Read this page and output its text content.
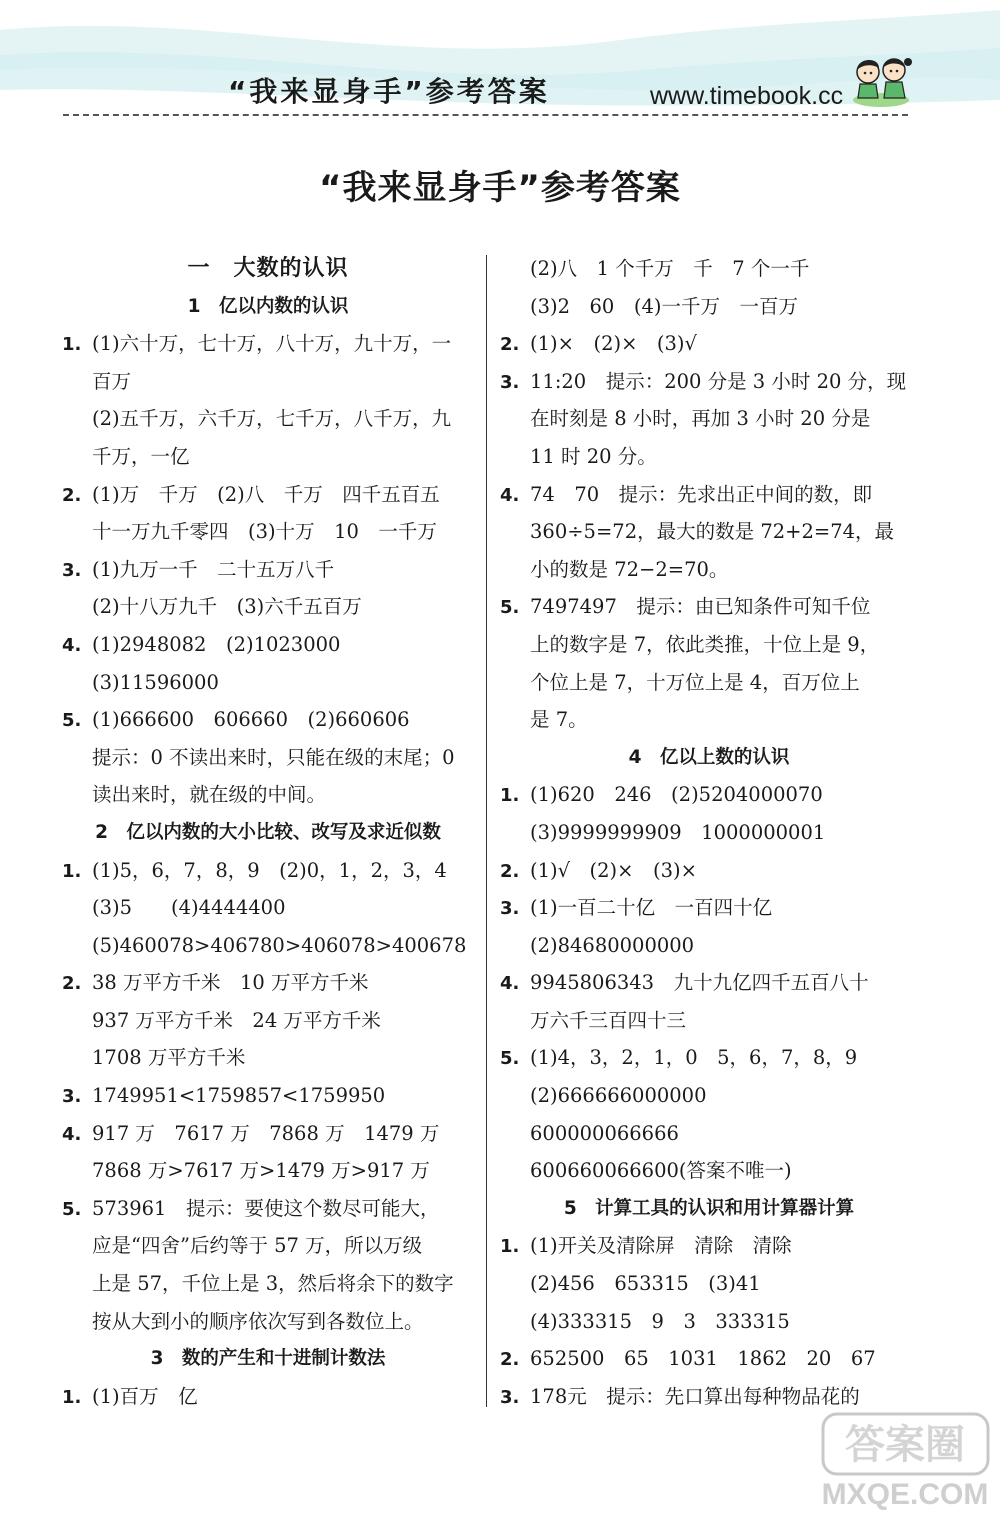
“我来显身手”参考答案	www.timebook.cc
“我来显身手”参考答案
一　大数的认识
1　亿以内数的认识
1. (1)六十万，七十万，八十万，九十万，一
百万
(2)五千万，六千万，七千万，八千万，九
千万，一亿
2. (1)万　千万　(2)八　千万　四千五百五
十一万九千零四　(3)十万　10　一千万
3. (1)九万一千　二十五万八千
(2)十八万九千　(3)六千五百万
4. (1)2948082　(2)1023000
(3)11596000
5. (1)666600　606660　(2)660606
提示：0 不读出来时，只能在级的末尾；0
读出来时，就在级的中间。
2　亿以内数的大小比较、改写及求近似数
1. (1)5，6，7，8，9　(2)0，1，2，3，4
(3)5　　(4)4444400
(5)460078>406780>406078>400678
2. 38 万平方千米　10 万平方千米
937 万平方千米　24 万平方千米
1708 万平方千米
3. 1749951<1759857<1759950
4. 917 万　7617 万　7868 万　1479 万
7868 万>7617 万>1479 万>917 万
5. 573961　提示：要使这个数尽可能大，
应是“四舍”后约等于 57 万，所以万级
上是 57，千位上是 3，然后将余下的数字
按从大到小的顺序依次写到各数位上。
3　数的产生和十进制计数法
1. (1)百万　亿
(2)八　1 个千万　千　7 个一千
(3)2　60　(4)一千万　一百万
2. (1)×　(2)×　(3)√
3. 11:20　提示：200 分是 3 小时 20 分，现
在时刻是 8 小时，再加 3 小时 20 分是
11 时 20 分。
4. 74　70　提示：先求出正中间的数，即
360÷5=72，最大的数是 72+2=74，最
小的数是 72−2=70。
5. 7497497　提示：由已知条件可知千位
上的数字是 7，依此类推，十位上是 9，
个位上是 7，十万位上是 4，百万位上
是 7。
4　亿以上数的认识
1. (1)620　246　(2)5204000070
(3)9999999909　1000000001
2. (1)√　(2)×　(3)×
3. (1)一百二十亿　一百四十亿
(2)84680000000
4. 9945806343　九十九亿四千五百八十
万六千三百四十三
5. (1)4，3，2，1，0　5，6，7，8，9
(2)666666000000
600000066666
600660066600(答案不唯一)
5　计算工具的认识和用计算器计算
1. (1)开关及清除屏　清除　清除
(2)456　653315　(3)41
(4)333315　9　3　333315
2. 652500　65　1031　1862　20　67
3. 178元　提示：先口算出每种物品花的
答案圈
MXQE.COM
